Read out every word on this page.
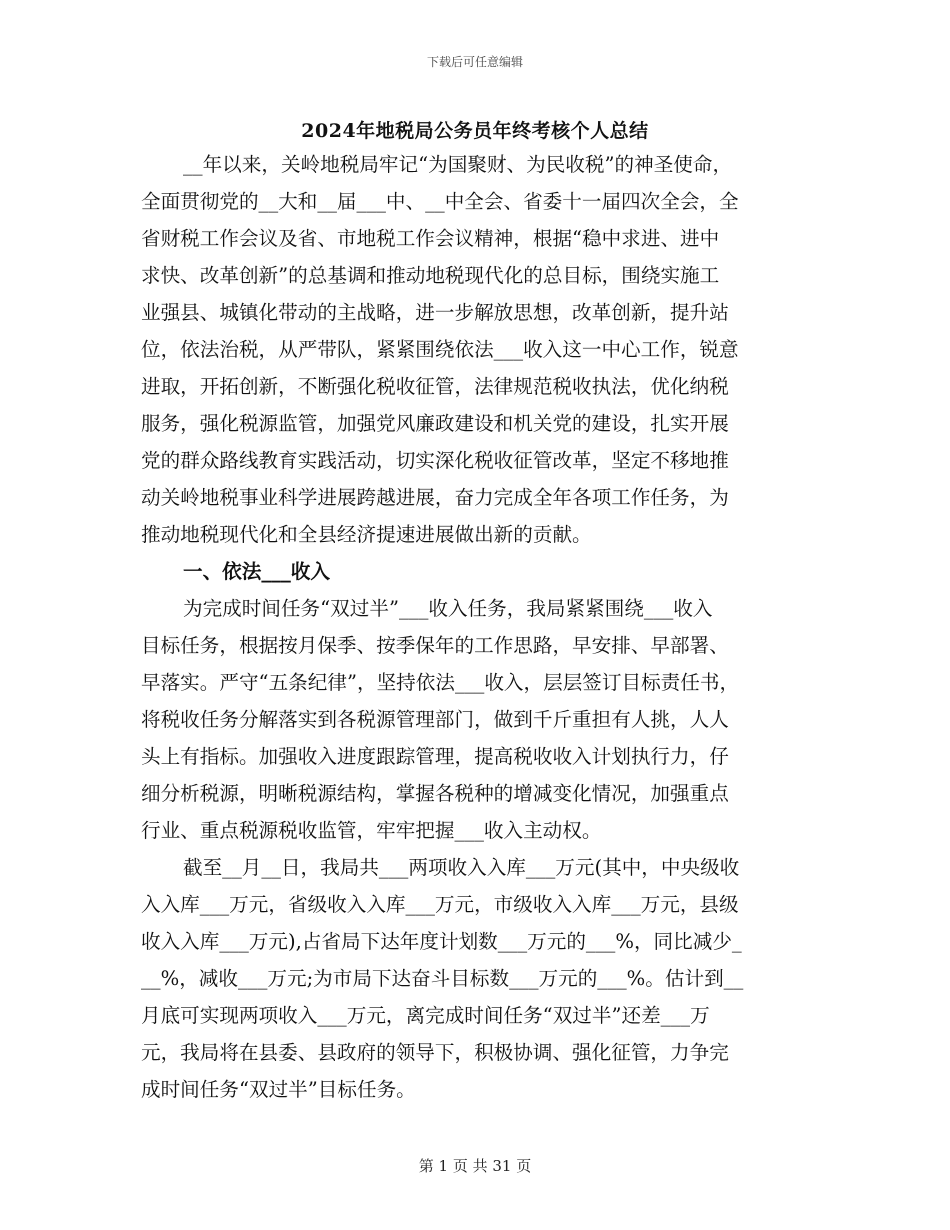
下载后可任意编辑
2024年地税局公务员年终考核个人总结
__年以来，关岭地税局牢记“为国聚财、为民收税”的神圣使命，
全面贯彻党的__大和__届___中、__中全会、省委十一届四次全会，全
省财税工作会议及省、市地税工作会议精神，根据“稳中求进、进中
求快、改革创新”的总基调和推动地税现代化的总目标，围绕实施工
业强县、城镇化带动的主战略，进一步解放思想，改革创新，提升站
位，依法治税，从严带队，紧紧围绕依法___收入这一中心工作，锐意
进取，开拓创新，不断强化税收征管，法律规范税收执法，优化纳税
服务，强化税源监管，加强党风廉政建设和机关党的建设，扎实开展
党的群众路线教育实践活动，切实深化税收征管改革，坚定不移地推
动关岭地税事业科学进展跨越进展，奋力完成全年各项工作任务，为
推动地税现代化和全县经济提速进展做出新的贡献。
一、依法___收入
为完成时间任务“双过半”___收入任务，我局紧紧围绕___收入
目标任务，根据按月保季、按季保年的工作思路，早安排、早部署、
早落实。严守“五条纪律”，坚持依法___收入，层层签订目标责任书，
将税收任务分解落实到各税源管理部门，做到千斤重担有人挑，人人
头上有指标。加强收入进度跟踪管理，提高税收收入计划执行力，仔
细分析税源，明晰税源结构，掌握各税种的增减变化情况，加强重点
行业、重点税源税收监管，牢牢把握___收入主动权。
截至__月__日，我局共___两项收入入库___万元(其中，中央级收
入入库___万元，省级收入入库___万元，市级收入入库___万元，县级
收入入库___万元),占省局下达年度计划数___万元的___%，同比减少_
__%，减收___万元;为市局下达奋斗目标数___万元的___%。估计到__
月底可实现两项收入___万元，离完成时间任务“双过半”还差___万
元，我局将在县委、县政府的领导下，积极协调、强化征管，力争完
成时间任务“双过半”目标任务。
第 1 页 共 31 页
